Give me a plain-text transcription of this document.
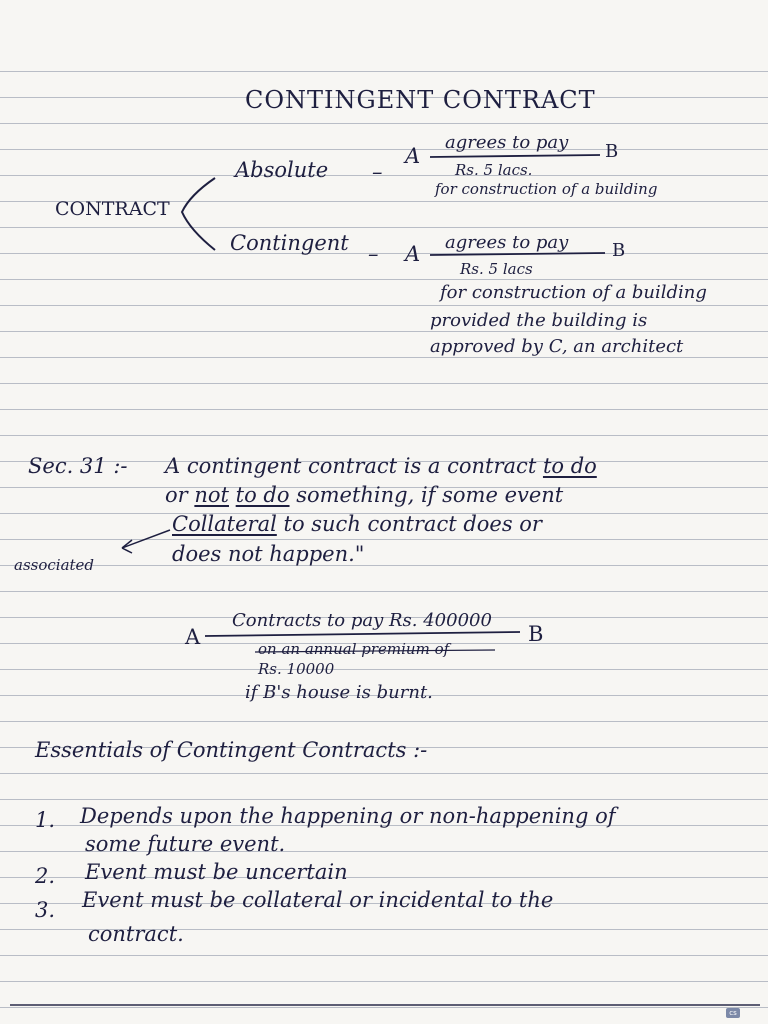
CONTINGENT CONTRACT
CONTRACT
Absolute –
A
agrees to pay B
Rs. 5 lacs.
for construction of a building
Contingent – A agrees to pay B
Rs. 5 lacs
for construction of a building
provided the building is
approved by C, an architect
Sec. 31 :- A contingent contract is a contract to do
or not to do something, if some event
Collateral to such contract does or
does not happen."
associated
A
Contracts to pay Rs. 400000
B
on an annual premium of
Rs. 10000
if B's house is burnt.
Essentials of Contingent Contracts :-
1. Depends upon the happening or non-happening of
some future event.
2. Event must be uncertain
3. Event must be collateral or incidental to the
contract.
cs
